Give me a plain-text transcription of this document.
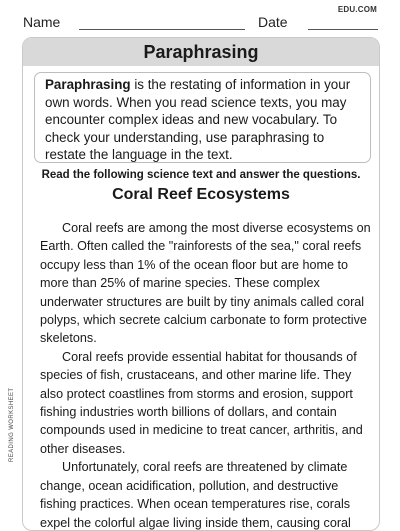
Name	Date
EDU.COM
Paraphrasing
Paraphrasing is the restating of information in your own words. When you read science texts, you may encounter complex ideas and new vocabulary. To check your understanding, use paraphrasing to restate the language in the text.
Read the following science text and answer the questions.
Coral Reef Ecosystems

Coral reefs are among the most diverse ecosystems on Earth. Often called the "rainforests of the sea," coral reefs occupy less than 1% of the ocean floor but are home to more than 25% of marine species. These complex underwater structures are built by tiny animals called coral polyps, which secrete calcium carbonate to form protective skeletons.

Coral reefs provide essential habitat for thousands of species of fish, crustaceans, and other marine life. They also protect coastlines from storms and erosion, support fishing industries worth billions of dollars, and contain compounds used in medicine to treat cancer, arthritis, and other diseases.

Unfortunately, coral reefs are threatened by climate change, ocean acidification, pollution, and destructive fishing practices. When ocean temperatures rise, corals expel the colorful algae living inside them, causing coral

READING WORKSHEET
